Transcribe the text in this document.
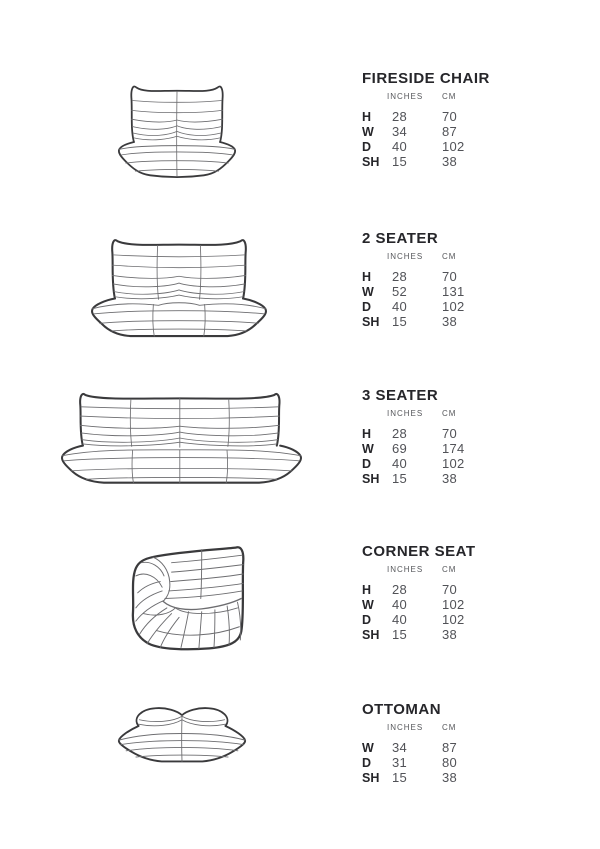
FIRESIDE CHAIR
INCHES CM
H 28	70
W 34	87
D 40	102
SH 15	38
2 SEATER
INCHES CM
H 28	70
W 52	131
D 40	102
SH 15	38
3 SEATER
INCHES CM
H 28	70
W 69	174
D 40	102
SH 15	38
CORNER SEAT
INCHES CM
H 28	70
W 40	102
D 40	102
SH 15	38
OTTOMAN
INCHES CM
W 34	87
D 31	80
SH 15	38
